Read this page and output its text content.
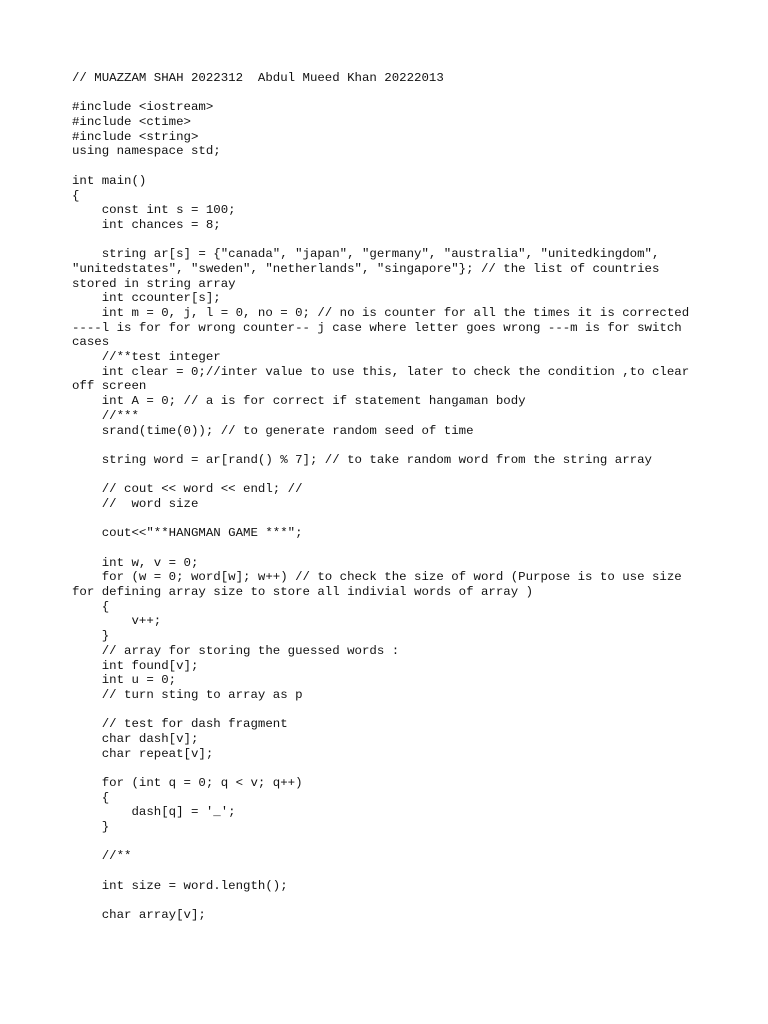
// MUAZZAM SHAH 2022312  Abdul Mueed Khan 20222013
#include <iostream>
#include <ctime>
#include <string>
using namespace std;
int main()
{
const int s = 100;
int chances = 8;
string ar[s] = {"canada", "japan", "germany", "australia", "unitedkingdom",
"unitedstates", "sweden", "netherlands", "singapore"}; // the list of countries
stored in string array
int ccounter[s];
int m = 0, j, l = 0, no = 0; // no is counter for all the times it is corrected
----l is for for wrong counter-- j case where letter goes wrong ---m is for switch
cases
//**test integer
int clear = 0;//inter value to use this, later to check the condition ,to clear
off screen
int A = 0; // a is for correct if statement hangaman body
//***
srand(time(0)); // to generate random seed of time
string word = ar[rand() % 7]; // to take random word from the string array
// cout << word << endl; //
//  word size
cout<<"**HANGMAN GAME ***";
int w, v = 0;
for (w = 0; word[w]; w++) // to check the size of word (Purpose is to use size
for defining array size to store all indivial words of array )
{
v++;
}
// array for storing the guessed words :
int found[v];
int u = 0;
// turn sting to array as p
// test for dash fragment
char dash[v];
char repeat[v];
for (int q = 0; q < v; q++)
{
dash[q] = '_';
}
//**
int size = word.length();
char array[v];
